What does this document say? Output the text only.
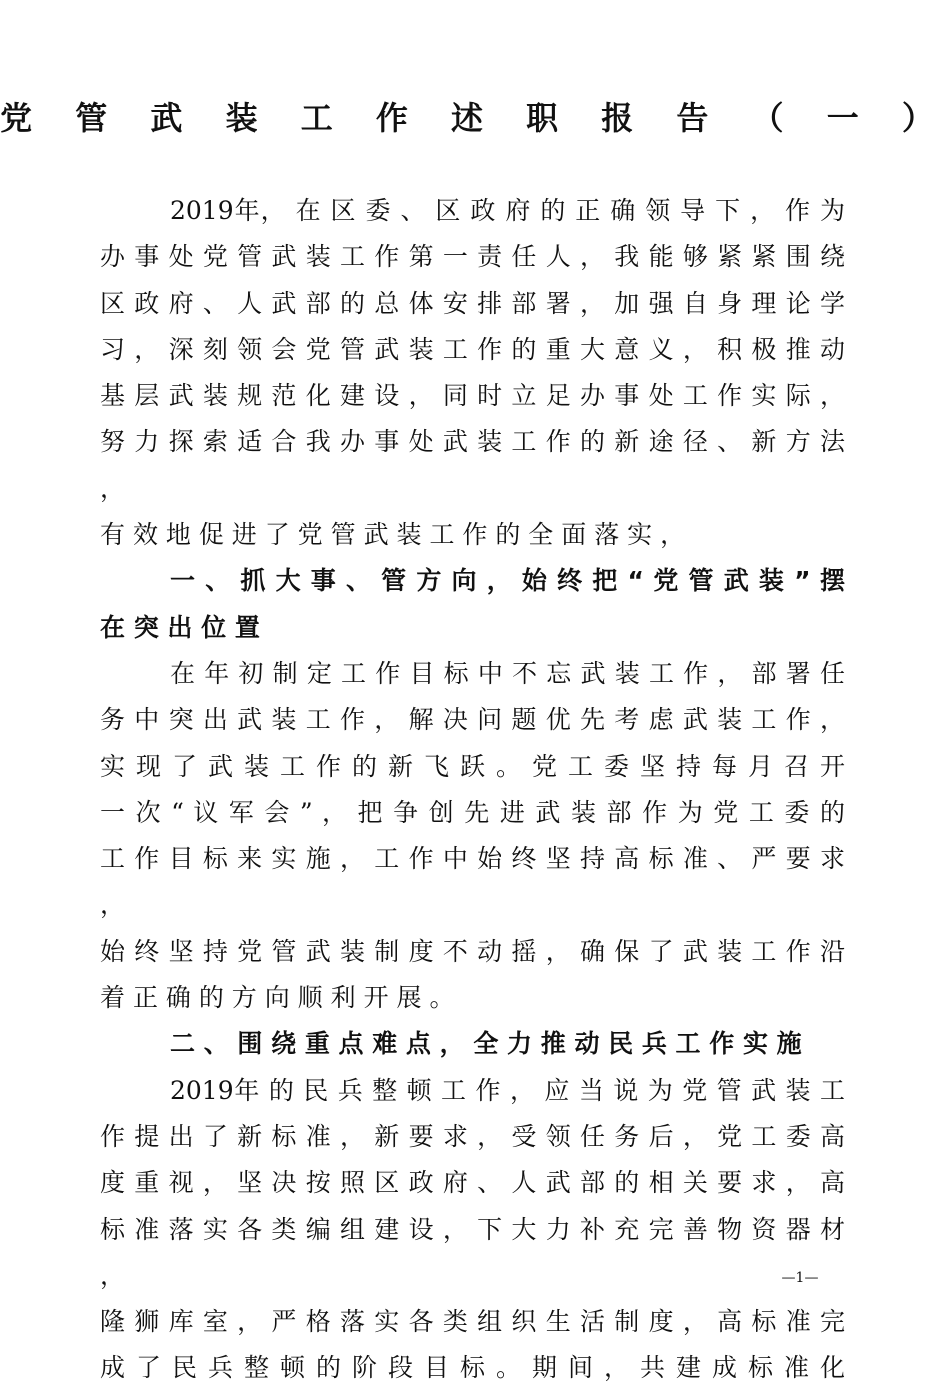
党 管 武 装 工 作 述 职 报 告 （ 一 ）

2019年， 在 区 委 、 区 政 府 的 正 确 领 导 下 ， 作 为

办 事 处 党 管 武 装 工 作 第 一 责 任 人 ， 我 能 够 紧 紧 围 绕

区 政 府 、 人 武 部 的 总 体 安 排 部 署 ， 加 强 自 身 理 论 学

习 ， 深 刻 领 会 党 管 武 装 工 作 的 重 大 意 义 ， 积 极 推 动

基 层 武 装 规 范 化 建 设 ， 同 时 立 足 办 事 处 工 作 实 际 ，

努 力 探 索 适 合 我 办 事 处 武 装 工 作 的 新 途 径 、 新 方 法 ，

有 效 地 促 进 了 党 管 武 装 工 作 的 全 面 落 实 ，

一 、 抓 大 事 、 管 方 向 ， 始 终 把 “ 党 管 武 装 ” 摆

在 突 出 位 置

在 年 初 制 定 工 作 目 标 中 不 忘 武 装 工 作 ， 部 署 任

务 中 突 出 武 装 工 作 ， 解 决 问 题 优 先 考 虑 武 装 工 作 ，

实 现 了 武 装 工 作 的 新 飞 跃 。 党 工 委 坚 持 每 月 召 开

一 次 “ 议 军 会 ” ， 把 争 创 先 进 武 装 部 作 为 党 工 委 的

工 作 目 标 来 实 施 ， 工 作 中 始 终 坚 持 高 标 准 、 严 要 求 ，

始 终 坚 持 党 管 武 装 制 度 不 动 摇 ， 确 保 了 武 装 工 作 沿

着 正 确 的 方 向 顺 利 开 展 。

二 、 围 绕 重 点 难 点 ， 全 力 推 动 民 兵 工 作 实 施

2019年 的 民 兵 整 顿 工 作 ， 应 当 说 为 党 管 武 装 工

作 提 出 了 新 标 准 ， 新 要 求 ， 受 领 任 务 后 ， 党 工 委 高

度 重 视 ， 坚 决 按 照 区 政 府 、 人 武 部 的 相 关 要 求 ， 高

标 准 落 实 各 类 编 组 建 设 ， 下 大 力 补 充 完 善 物 资 器 材 ，

隆 狮 库 室 ， 严 格 落 实 各 类 组 织 生 活 制 度 ， 高 标 准 完

成 了 民 兵 整 顿 的 阶 段 目 标 。 期 间 ， 共 建 成 标 准 化

—1—
